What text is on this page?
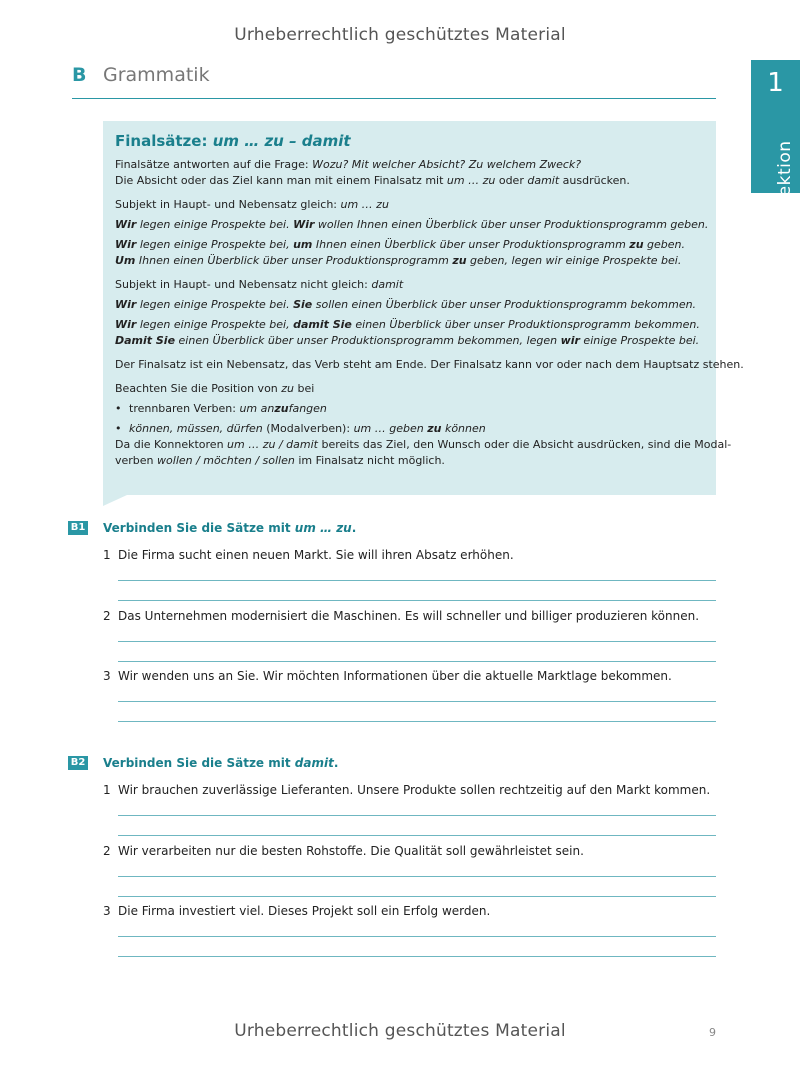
Urheberrechtlich geschütztes Material
B Grammatik	1
Lektion
Finalsätze: um … zu – damit
Finalsätze antworten auf die Frage: Wozu? Mit welcher Absicht? Zu welchem Zweck?
Die Absicht oder das Ziel kann man mit einem Finalsatz mit um … zu oder damit ausdrücken.
Subjekt in Haupt- und Nebensatz gleich: um … zu
Wir legen einige Prospekte bei. Wir wollen Ihnen einen Überblick über unser Produktionsprogramm geben.
Wir legen einige Prospekte bei, um Ihnen einen Überblick über unser Produktionsprogramm zu geben.
Um Ihnen einen Überblick über unser Produktionsprogramm zu geben, legen wir einige Prospekte bei.
Subjekt in Haupt- und Nebensatz nicht gleich: damit
Wir legen einige Prospekte bei. Sie sollen einen Überblick über unser Produktionsprogramm bekommen.
Wir legen einige Prospekte bei, damit Sie einen Überblick über unser Produktionsprogramm bekommen.
Damit Sie einen Überblick über unser Produktionsprogramm bekommen, legen wir einige Prospekte bei.
Der Finalsatz ist ein Nebensatz, das Verb steht am Ende. Der Finalsatz kann vor oder nach dem Hauptsatz stehen.
Beachten Sie die Position von zu bei
• trennbaren Verben: um anzufangen
• können, müssen, dürfen (Modalverben): um … geben zu können
Da die Konnektoren um … zu / damit bereits das Ziel, den Wunsch oder die Absicht ausdrücken, sind die Modal-
verben wollen / möchten / sollen im Finalsatz nicht möglich.
B1 Verbinden Sie die Sätze mit um … zu.
1 Die Firma sucht einen neuen Markt. Sie will ihren Absatz erhöhen.
2 Das Unternehmen modernisiert die Maschinen. Es will schneller und billiger produzieren können.
3 Wir wenden uns an Sie. Wir möchten Informationen über die aktuelle Marktlage bekommen.
B2 Verbinden Sie die Sätze mit damit.
1 Wir brauchen zuverlässige Lieferanten. Unsere Produkte sollen rechtzeitig auf den Markt kommen.
2 Wir verarbeiten nur die besten Rohstoffe. Die Qualität soll gewährleistet sein.
3 Die Firma investiert viel. Dieses Projekt soll ein Erfolg werden.
Urheberrechtlich geschütztes Material	9
